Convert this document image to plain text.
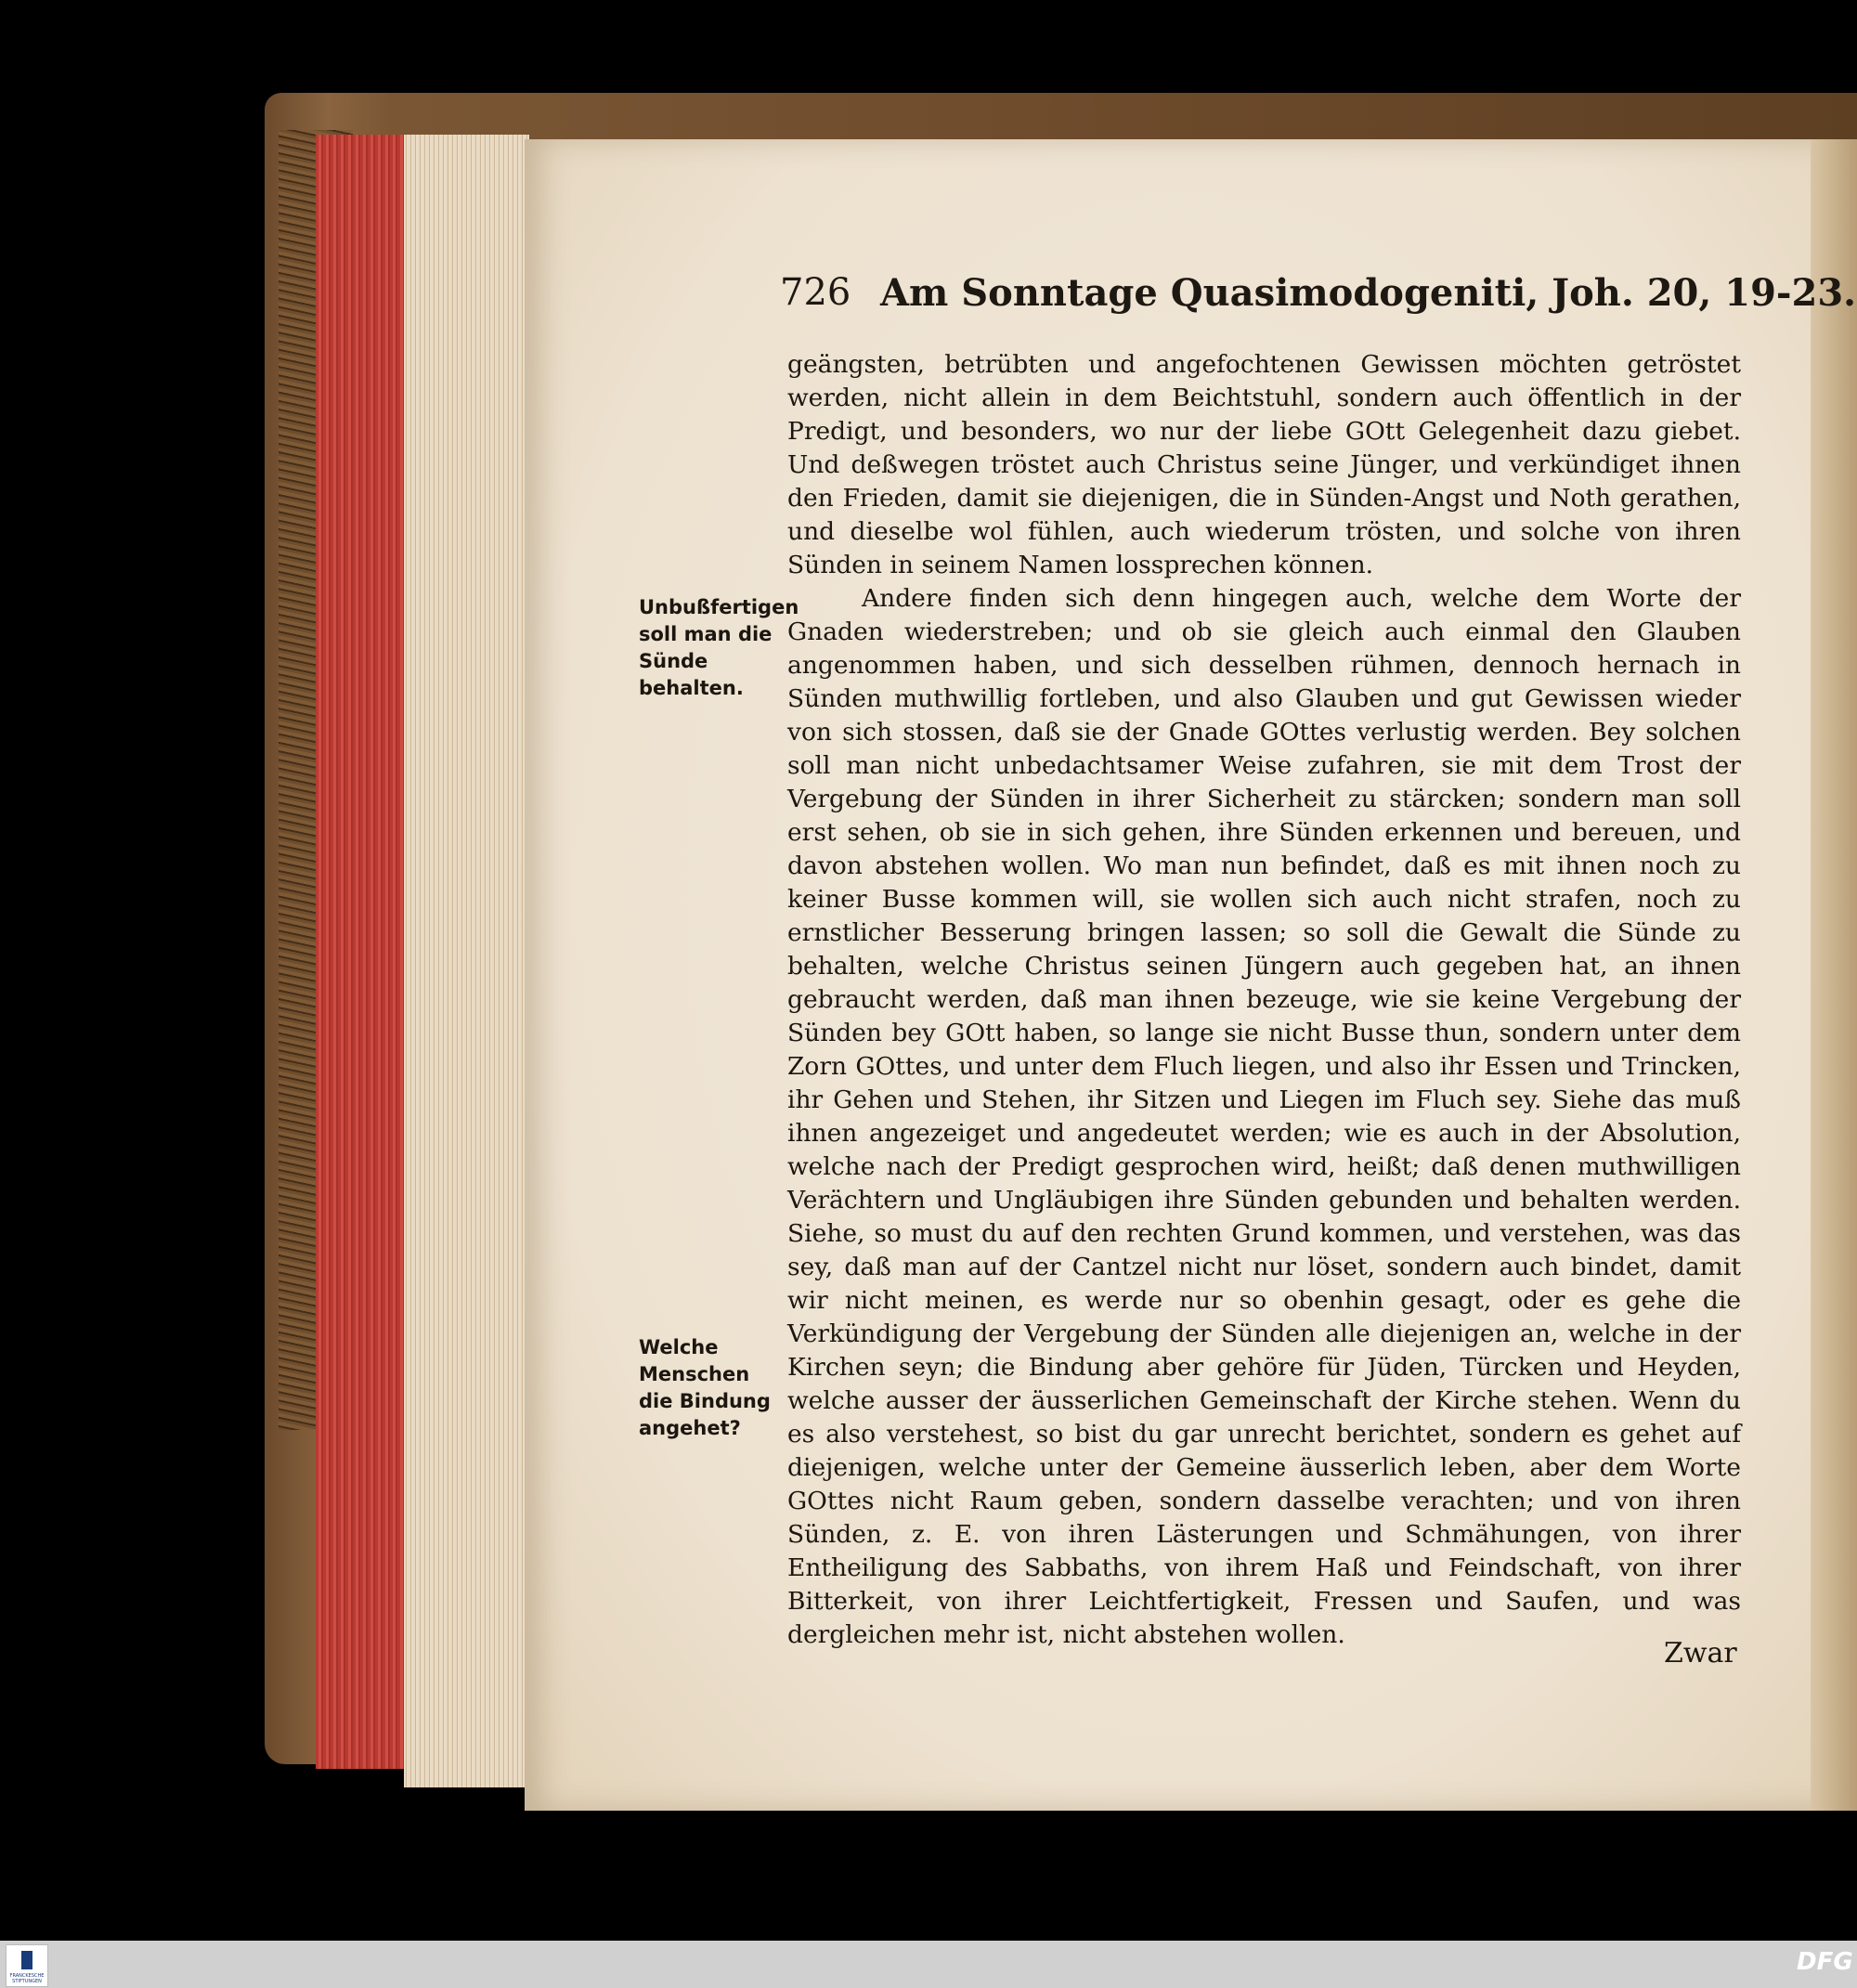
726 Am Sonntage Quasimodogeniti, Joh. 20, 19-23.
Unbußfertigen soll man die Sünde behalten.
Welche Menschen die Bindung angehet?

geängsten, betrübten und angefochtenen Gewissen möchten getröstet werden, nicht allein in dem Beichtstuhl, sondern auch öffentlich in der Predigt, und besonders, wo nur der liebe GOtt Gelegenheit dazu giebet. Und deßwegen tröstet auch Christus seine Jünger, und verkündiget ihnen den Frieden, damit sie diejenigen, die in Sünden-Angst und Noth gerathen, und dieselbe wol fühlen, auch wiederum trösten, und solche von ihren Sünden in seinem Namen lossprechen können.

Andere finden sich denn hingegen auch, welche dem Worte der Gnaden wiederstreben; und ob sie gleich auch einmal den Glauben angenommen haben, und sich desselben rühmen, dennoch hernach in Sünden muthwillig fortleben, und also Glauben und gut Gewissen wieder von sich stossen, daß sie der Gnade GOttes verlustig werden. Bey solchen soll man nicht unbedachtsamer Weise zufahren, sie mit dem Trost der Vergebung der Sünden in ihrer Sicherheit zu stärcken; sondern man soll erst sehen, ob sie in sich gehen, ihre Sünden erkennen und bereuen, und davon abstehen wollen. Wo man nun befindet, daß es mit ihnen noch zu keiner Busse kommen will, sie wollen sich auch nicht strafen, noch zu ernstlicher Besserung bringen lassen; so soll die Gewalt die Sünde zu behalten, welche Christus seinen Jüngern auch gegeben hat, an ihnen gebraucht werden, daß man ihnen bezeuge, wie sie keine Vergebung der Sünden bey GOtt haben, so lange sie nicht Busse thun, sondern unter dem Zorn GOttes, und unter dem Fluch liegen, und also ihr Essen und Trincken, ihr Gehen und Stehen, ihr Sitzen und Liegen im Fluch sey. Siehe das muß ihnen angezeiget und angedeutet werden; wie es auch in der Absolution, welche nach der Predigt gesprochen wird, heißt; daß denen muthwilligen Verächtern und Ungläubigen ihre Sünden gebunden und behalten werden. Siehe, so must du auf den rechten Grund kommen, und verstehen, was das sey, daß man auf der Cantzel nicht nur löset, sondern auch bindet, damit wir nicht meinen, es werde nur so obenhin gesagt, oder es gehe die Verkündigung der Vergebung der Sünden alle diejenigen an, welche in der Kirchen seyn; die Bindung aber gehöre für Jüden, Türcken und Heyden, welche ausser der äusserlichen Gemeinschaft der Kirche stehen. Wenn du es also verstehest, so bist du gar unrecht berichtet, sondern es gehet auf diejenigen, welche unter der Gemeine äusserlich leben, aber dem Worte GOttes nicht Raum geben, sondern dasselbe verachten; und von ihren Sünden, z. E. von ihren Lästerungen und Schmähungen, von ihrer Entheiligung des Sabbaths, von ihrem Haß und Feindschaft, von ihrer Bitterkeit, von ihrer Leichtfertigkeit, Fressen und Saufen, und was dergleichen mehr ist, nicht abstehen wollen.

Zwar
FRANCKESCHE STIFTUNGEN
DFG
